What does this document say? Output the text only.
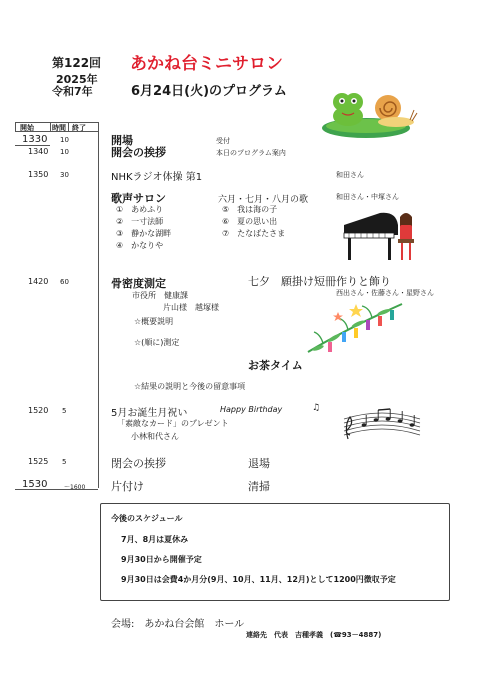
第122回
2025年
令和7年
あかね台ミニサロン
6月24日(火)のプログラム
開始	時間 終了
1330 10	開場	受付
1340 10	開会の挨拶	本日のプログラム案内
1350 30	NHKラジオ体操 第1	和田さん
歌声サロン	六月・七月・八月の歌	和田さん・中塚さん
①　あめふり
②　一寸法師
③　静かな湖畔
④　かなりや
⑤　我は海の子
⑥　夏の思い出
⑦　たなばたさま
1420 60	骨密度測定
市役所　健康課
片山様　越塚様
☆概要説明
☆(順に)測定
七夕　願掛け短冊作りと飾り
西出さん・佐藤さん・星野さん
お茶タイム
☆結果の説明と今後の留意事項
1520 5	5月お誕生月祝い	Happy Birthday	♫
「素敵なカード」のプレゼント
小林和代さん
1525 5	閉会の挨拶	退場
1530	～1600 片付け	清掃
今後のスケジュール
7月、8月は夏休み
9月30日から開催予定
9月30日は会費4か月分(9月、10月、11月、12月)として1200円徴収予定
会場:　あかね台会館　ホール
連絡先　代表　吉種孝義　(☎93－4887)
